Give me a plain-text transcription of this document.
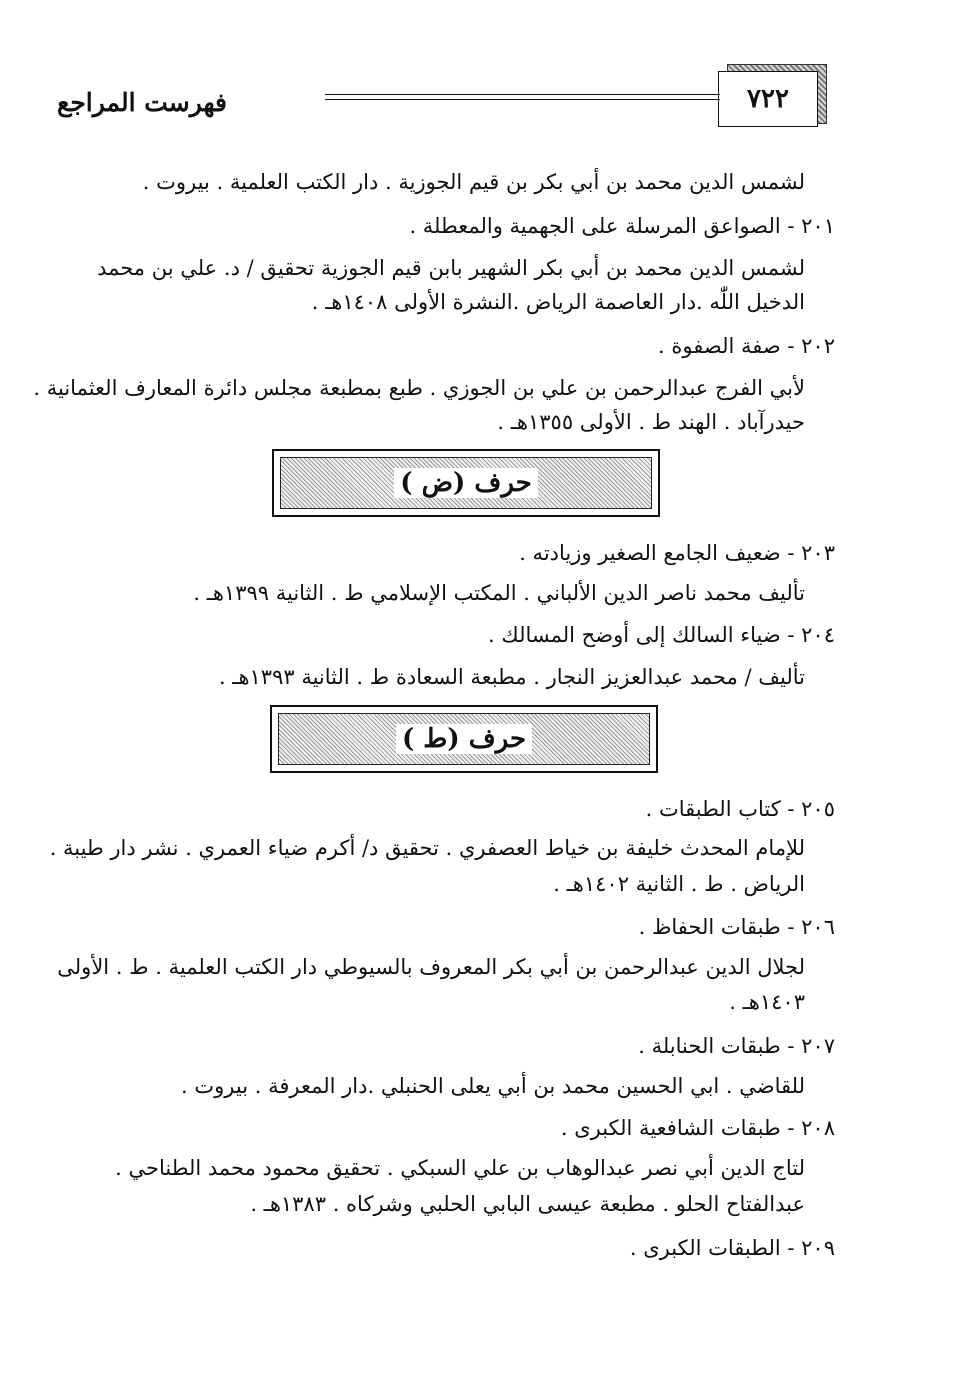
٧٢٢
فهرست المراجع
لشمس الدين محمد بن أبي بكر بن قيم الجوزية . دار الكتب العلمية . بيروت .
٢٠١ - الصواعق المرسلة على الجهمية والمعطلة .
لشمس الدين محمد بن أبي بكر الشهير بابن قيم الجوزية تحقيق / د. علي بن محمد
الدخيل اللّٰه .دار العاصمة الرياض .النشرة الأولى ١٤٠٨هـ .
٢٠٢ - صفة الصفوة .
لأبي الفرج عبدالرحمن بن علي بن الجوزي . طبع بمطبعة مجلس دائرة المعارف العثمانية .
حيدرآباد . الهند ط . الأولى ١٣٥٥هـ .
حرف (ض )
٢٠٣ - ضعيف الجامع الصغير وزيادته .
تأليف محمد ناصر الدين الألباني . المكتب الإسلامي ط . الثانية ١٣٩٩هـ .
٢٠٤ - ضياء السالك إلى أوضح المسالك .
تأليف / محمد عبدالعزيز النجار . مطبعة السعادة ط . الثانية ١٣٩٣هـ .
حرف (ط )
٢٠٥ - كتاب الطبقات .
للإمام المحدث خليفة بن خياط العصفري . تحقيق د/ أكرم ضياء العمري . نشر دار طيبة .
الرياض . ط . الثانية ١٤٠٢هـ .
٢٠٦ - طبقات الحفاظ .
لجلال الدين عبدالرحمن بن أبي بكر المعروف بالسيوطي دار الكتب العلمية . ط . الأولى
١٤٠٣هـ .
٢٠٧ - طبقات الحنابلة .
للقاضي . ابي الحسين محمد بن أبي يعلى الحنبلي .دار المعرفة . بيروت .
٢٠٨ - طبقات الشافعية الكبرى .
لتاج الدين أبي نصر عبدالوهاب بن علي السبكي . تحقيق محمود محمد الطناحي .
عبدالفتاح الحلو . مطبعة عيسى البابي الحلبي وشركاه . ١٣٨٣هـ .
٢٠٩ - الطبقات الكبرى .
